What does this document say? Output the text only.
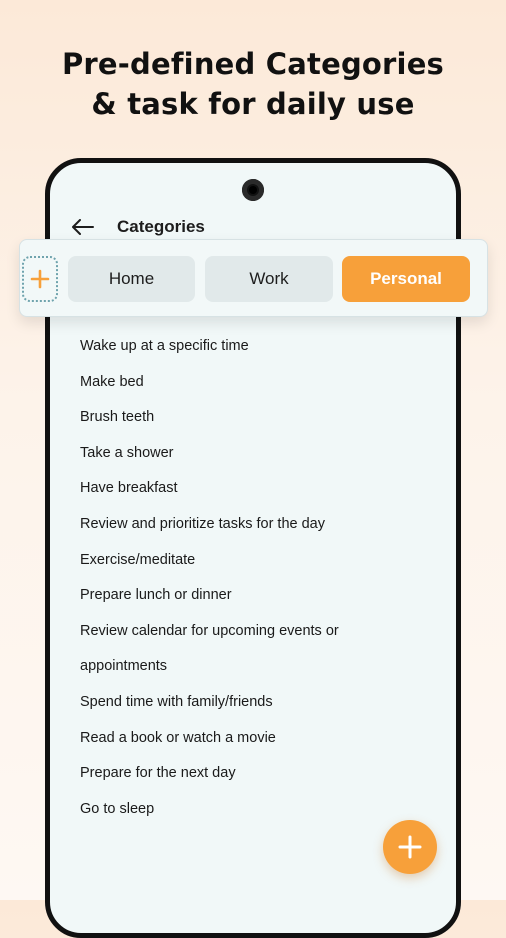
Pre-defined Categories
& task for daily use
Categories
Wake up at a specific time
Make bed
Brush teeth
Take a shower
Have breakfast
Review and prioritize tasks for the day
Exercise/meditate
Prepare lunch or dinner
Review calendar for upcoming events or
appointments
Spend time with family/friends
Read a book or watch a movie
Prepare for the next day
Go to sleep
Home	Work	Personal
